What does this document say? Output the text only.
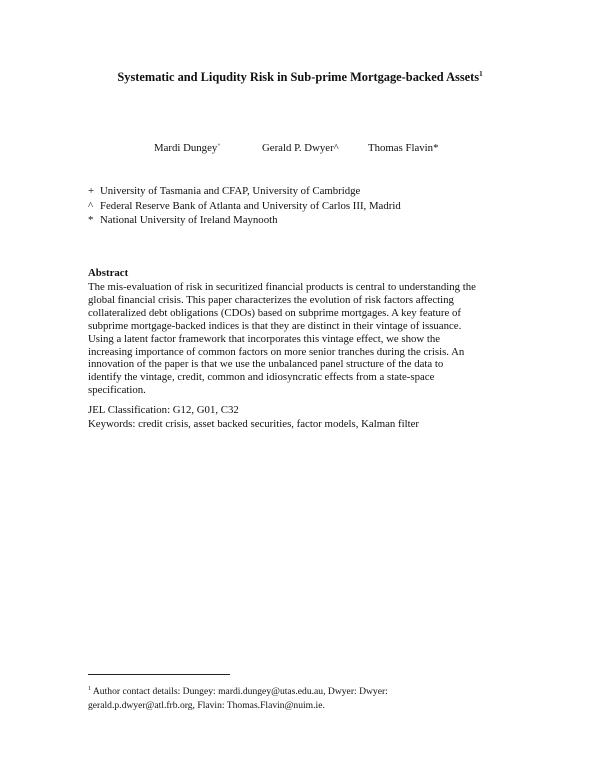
Systematic and Liqudity Risk in Sub-prime Mortgage-backed Assets$^1$
Mardi Dungey+	Gerald P. Dwyer^	Thomas Flavin*
+ University of Tasmania and CFAP, University of Cambridge
^ Federal Reserve Bank of Atlanta and University of Carlos III, Madrid
* National University of Ireland Maynooth
Abstract

The mis-evaluation of risk in securitized financial products is central to understanding the

global financial crisis. This paper characterizes the evolution of risk factors affecting

collateralized debt obligations (CDOs) based on subprime mortgages. A key feature of

subprime mortgage-backed indices is that they are distinct in their vintage of issuance.

Using a latent factor framework that incorporates this vintage effect, we show the

increasing importance of common factors on more senior tranches during the crisis. An

innovation of the paper is that we use the unbalanced panel structure of the data to

identify the vintage, credit, common and idiosyncratic effects from a state-space

specification.

JEL Classification: G12, G01, C32
Keywords: credit crisis, asset backed securities, factor models, Kalman filter
$^1$ Author contact details: Dungey: mardi.dungey@utas.edu.au, Dwyer: Dwyer:
gerald.p.dwyer@atl.frb.org, Flavin: Thomas.Flavin@nuim.ie.
